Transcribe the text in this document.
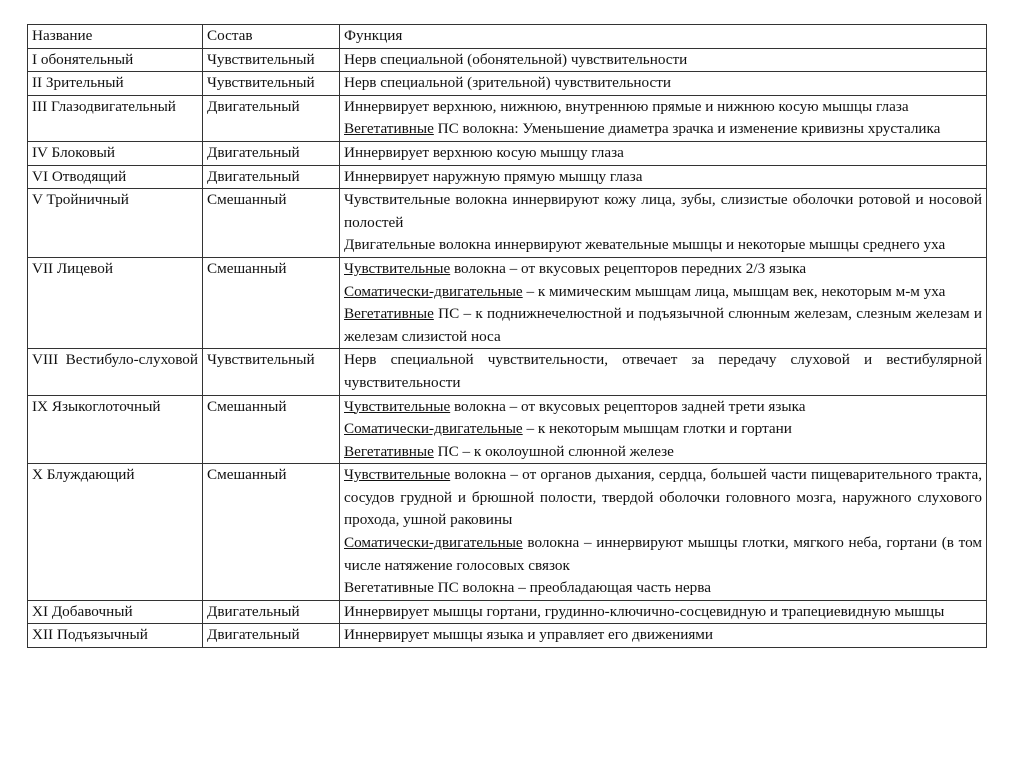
Название	Состав	Функция
I обонятельный	Чувствительный	Нерв специальной (обонятельной) чувствительности

II Зрительный	Чувствительный	Нерв специальной (зрительной) чувствительности

III Глазодвигательный	Двигательный	Иннервирует верхнюю, нижнюю, внутреннюю прямые и нижнюю косую мышцы глаза
Вегетативные ПС волокна: Уменьшение диаметра зрачка и изменение кривизны хрусталика

IV Блоковый	Двигательный	Иннервирует верхнюю косую мышцу глаза

VI Отводящий	Двигательный	Иннервирует наружную прямую мышцу глаза

V Тройничный	Смешанный	Чувствительные волокна иннервируют кожу лица, зубы, слизистые оболочки ротовой и носовой полостей
Двигательные волокна иннервируют жевательные мышцы и некоторые мышцы среднего уха

VII Лицевой	Смешанный	Чувствительные волокна – от вкусовых рецепторов передних 2/3 языка
Соматически-двигательные – к мимическим мышцам лица, мышцам век, некоторым м-м уха
Вегетативные ПС – к поднижнечелюстной и подъязычной слюнным железам, слезным железам и железам слизистой носа

VIII Вестибуло-слуховой	Чувствительный	Нерв специальной чувствительности, отвечает за передачу слуховой и вестибулярной чувствительности

IX Языкоглоточный	Смешанный	Чувствительные волокна – от вкусовых рецепторов задней трети языка
Соматически-двигательные – к некоторым мышцам глотки и гортани
Вегетативные ПС – к околоушной слюнной железе

X Блуждающий	Смешанный	Чувствительные волокна – от органов дыхания, сердца, большей части пищеварительного тракта, сосудов грудной и брюшной полости, твердой оболочки головного мозга, наружного слухового прохода, ушной раковины
Соматически-двигательные волокна – иннервируют мышцы глотки, мягкого неба, гортани (в том числе натяжение голосовых связок
Вегетативные ПС волокна – преобладающая часть нерва

XI Добавочный	Двигательный	Иннервирует мышцы гортани, грудинно-ключично-сосцевидную и трапециевидную мышцы

XII Подъязычный	Двигательный	Иннервирует мышцы языка и управляет его движениями
